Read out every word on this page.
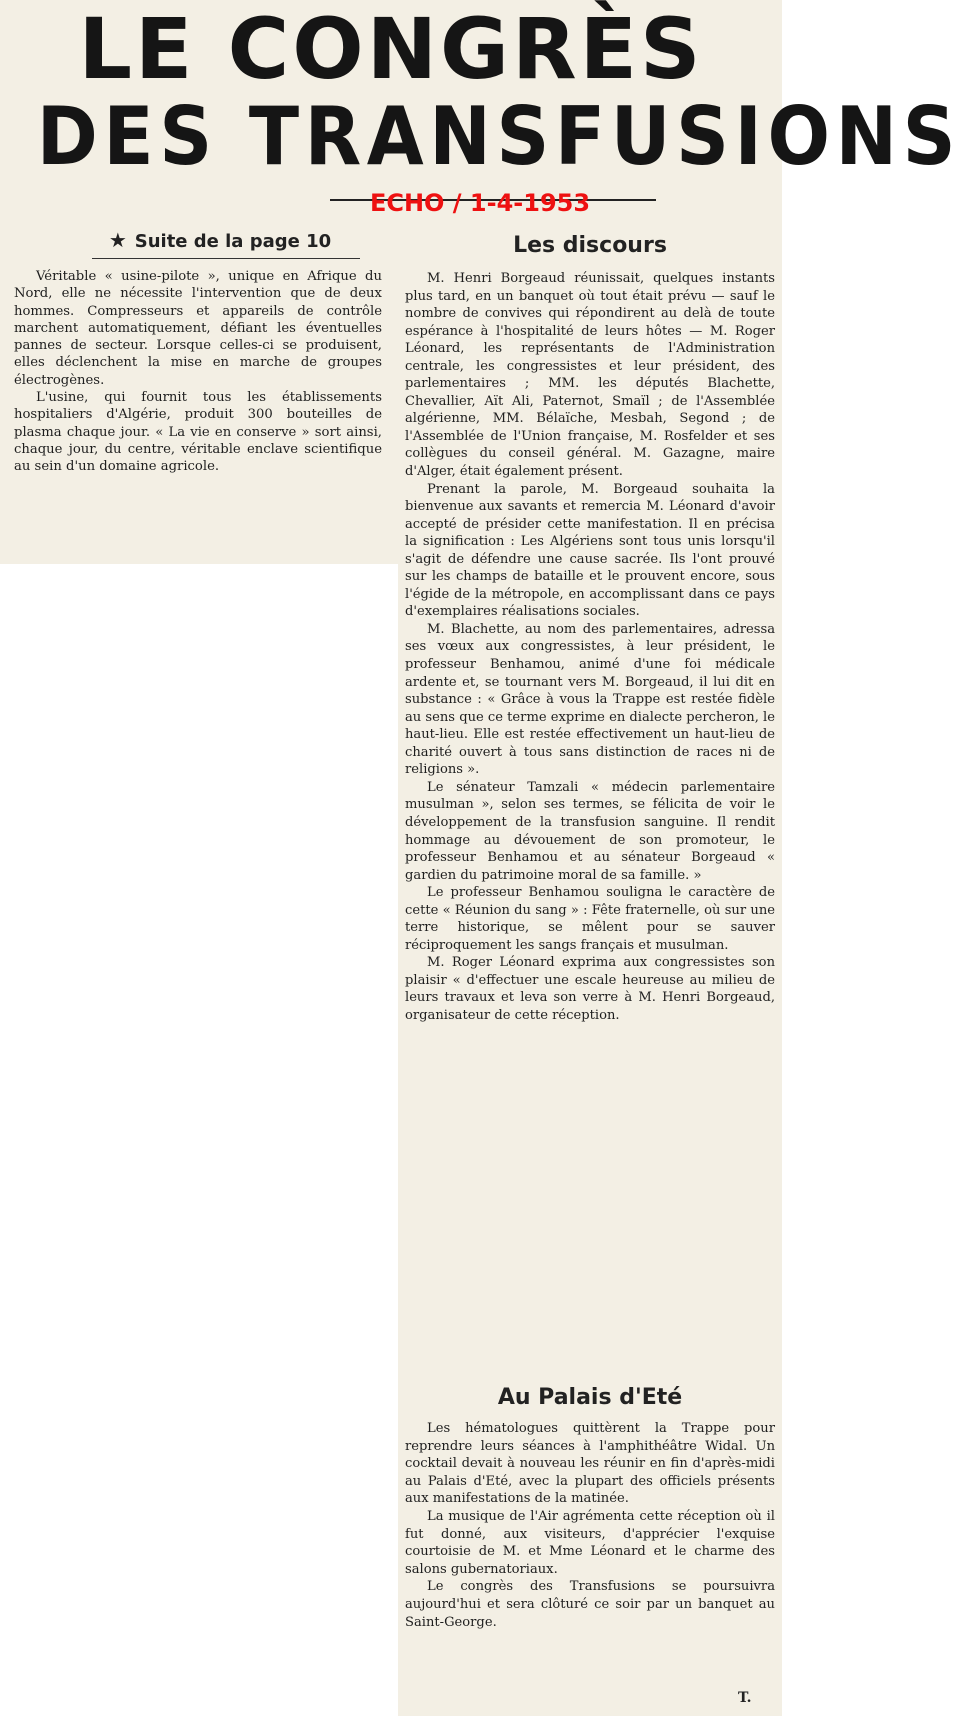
LE CONGRÈS
DES TRANSFUSIONS
ECHO / 1-4-1953
★ Suite de la page 10

Véritable « usine-pilote », unique en Afrique du Nord, elle ne nécessite l'intervention que de deux hommes. Compresseurs et appareils de contrôle marchent automatiquement, défiant les éventuelles pannes de secteur. Lorsque celles-ci se produisent, elles déclenchent la mise en marche de groupes électrogènes.

L'usine, qui fournit tous les établissements hospitaliers d'Algérie, produit 300 bouteilles de plasma chaque jour. « La vie en conserve » sort ainsi, chaque jour, du centre, véritable enclave scientifique au sein d'un domaine agricole.

Les discours

M. Henri Borgeaud réunissait, quelques instants plus tard, en un banquet où tout était prévu — sauf le nombre de convives qui répondirent au delà de toute espérance à l'hospitalité de leurs hôtes — M. Roger Léonard, les représentants de l'Administration centrale, les congressistes et leur président, des parlementaires ; MM. les députés Blachette, Chevallier, Aït Ali, Paternot, Smaïl ; de l'Assemblée algérienne, MM. Bélaïche, Mesbah, Segond ; de l'Assemblée de l'Union française, M. Rosfelder et ses collègues du conseil général. M. Gazagne, maire d'Alger, était également présent.

Prenant la parole, M. Borgeaud souhaita la bienvenue aux savants et remercia M. Léonard d'avoir accepté de présider cette manifestation. Il en précisa la signification : Les Algériens sont tous unis lorsqu'il s'agit de défendre une cause sacrée. Ils l'ont prouvé sur les champs de bataille et le prouvent encore, sous l'égide de la métropole, en accomplissant dans ce pays d'exemplaires réalisations sociales.

M. Blachette, au nom des parlementaires, adressa ses vœux aux congressistes, à leur président, le professeur Benhamou, animé d'une foi médicale ardente et, se tournant vers M. Borgeaud, il lui dit en substance : « Grâce à vous la Trappe est restée fidèle au sens que ce terme exprime en dialecte percheron, le haut-lieu. Elle est restée effectivement un haut-lieu de charité ouvert à tous sans distinction de races ni de religions ».

Le sénateur Tamzali « médecin parlementaire musulman », selon ses termes, se félicita de voir le développement de la transfusion sanguine. Il rendit hommage au dévouement de son promoteur, le professeur Benhamou et au sénateur Borgeaud « gardien du patrimoine moral de sa famille. »

Le professeur Benhamou souligna le caractère de cette « Réunion du sang » : Fête fraternelle, où sur une terre historique, se mêlent pour se sauver réciproquement les sangs français et musulman.

M. Roger Léonard exprima aux congressistes son plaisir « d'effectuer une escale heureuse au milieu de leurs travaux et leva son verre à M. Henri Borgeaud, organisateur de cette réception.

Au Palais d'Eté

Les hématologues quittèrent la Trappe pour reprendre leurs séances à l'amphithéâtre Widal. Un cocktail devait à nouveau les réunir en fin d'après-midi au Palais d'Eté, avec la plupart des officiels présents aux manifestations de la matinée.

La musique de l'Air agrémenta cette réception où il fut donné, aux visiteurs, d'apprécier l'exquise courtoisie de M. et Mme Léonard et le charme des salons gubernatoriaux.

Le congrès des Transfusions se poursuivra aujourd'hui et sera clôturé ce soir par un banquet au Saint-George.

T.
